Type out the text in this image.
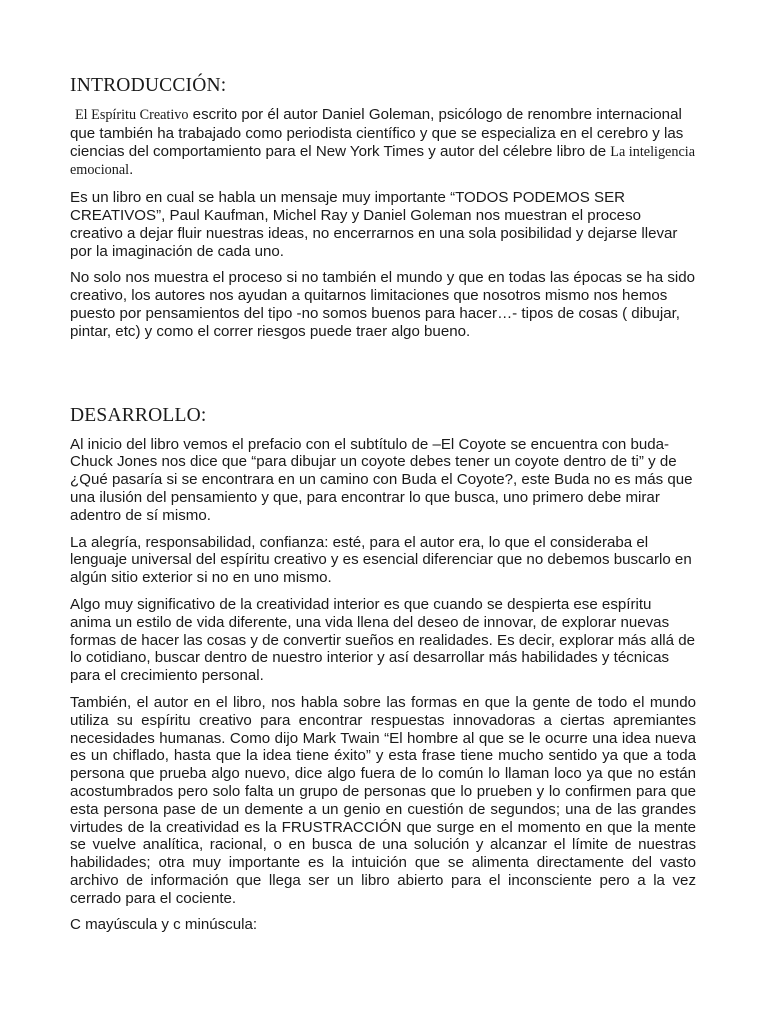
INTRODUCCIÓN:

El Espíritu Creativo escrito por él autor Daniel Goleman, psicólogo de renombre internacional que también ha trabajado como periodista científico y que se especializa en el cerebro y las ciencias del comportamiento para el New York Times y autor del célebre libro de La inteligencia emocional.

Es un libro en cual se habla un mensaje muy importante “TODOS PODEMOS SER CREATIVOS”, Paul Kaufman, Michel Ray y Daniel Goleman nos muestran el proceso creativo a dejar fluir nuestras ideas, no encerrarnos en una sola posibilidad y dejarse llevar por la imaginación de cada uno.

No solo nos muestra el proceso si no también el mundo y que en todas las épocas se ha sido creativo, los autores nos ayudan a quitarnos limitaciones que nosotros mismo nos hemos puesto por pensamientos del tipo -no somos buenos para hacer…- tipos de cosas ( dibujar, pintar, etc) y como el correr riesgos puede traer algo bueno.

DESARROLLO:

Al inicio del libro vemos el prefacio con el subtítulo de –El Coyote se encuentra con buda-Chuck Jones nos dice que “para dibujar un coyote debes tener un coyote dentro de ti” y de ¿Qué pasaría si se encontrara en un camino con Buda el Coyote?, este Buda no es más que una ilusión del pensamiento y que, para encontrar lo que busca, uno primero debe mirar adentro de sí mismo.

La alegría, responsabilidad, confianza: esté, para el autor era, lo que el consideraba el lenguaje universal del espíritu creativo y es esencial diferenciar que no debemos buscarlo en algún sitio exterior si no en uno mismo.

Algo muy significativo de la creatividad interior es que cuando se despierta ese espíritu anima un estilo de vida diferente, una vida llena del deseo de innovar, de explorar nuevas formas de hacer las cosas y de convertir sueños en realidades. Es decir, explorar más allá de lo cotidiano, buscar dentro de nuestro interior y así desarrollar más habilidades y técnicas para el crecimiento personal.

También, el autor en el libro, nos habla sobre las formas en que la gente de todo el mundo utiliza su espíritu creativo para encontrar respuestas innovadoras a ciertas apremiantes necesidades humanas. Como dijo Mark Twain “El hombre al que se le ocurre una idea nueva es un chiflado, hasta que la idea tiene éxito” y esta frase tiene mucho sentido ya que a toda persona que prueba algo nuevo, dice algo fuera de lo común lo llaman loco ya que no están acostumbrados pero solo falta un grupo de personas que lo prueben y lo confirmen para que esta persona pase de un demente a un genio en cuestión de segundos; una de las grandes virtudes de la creatividad es la FRUSTRACCIÓN que surge en el momento en que la mente se vuelve analítica, racional, o en busca de una solución y alcanzar el límite de nuestras habilidades; otra muy importante es la intuición que se alimenta directamente del vasto archivo de información que llega ser un libro abierto para el inconsciente pero a la vez cerrado para el cociente.

C mayúscula y c minúscula:
